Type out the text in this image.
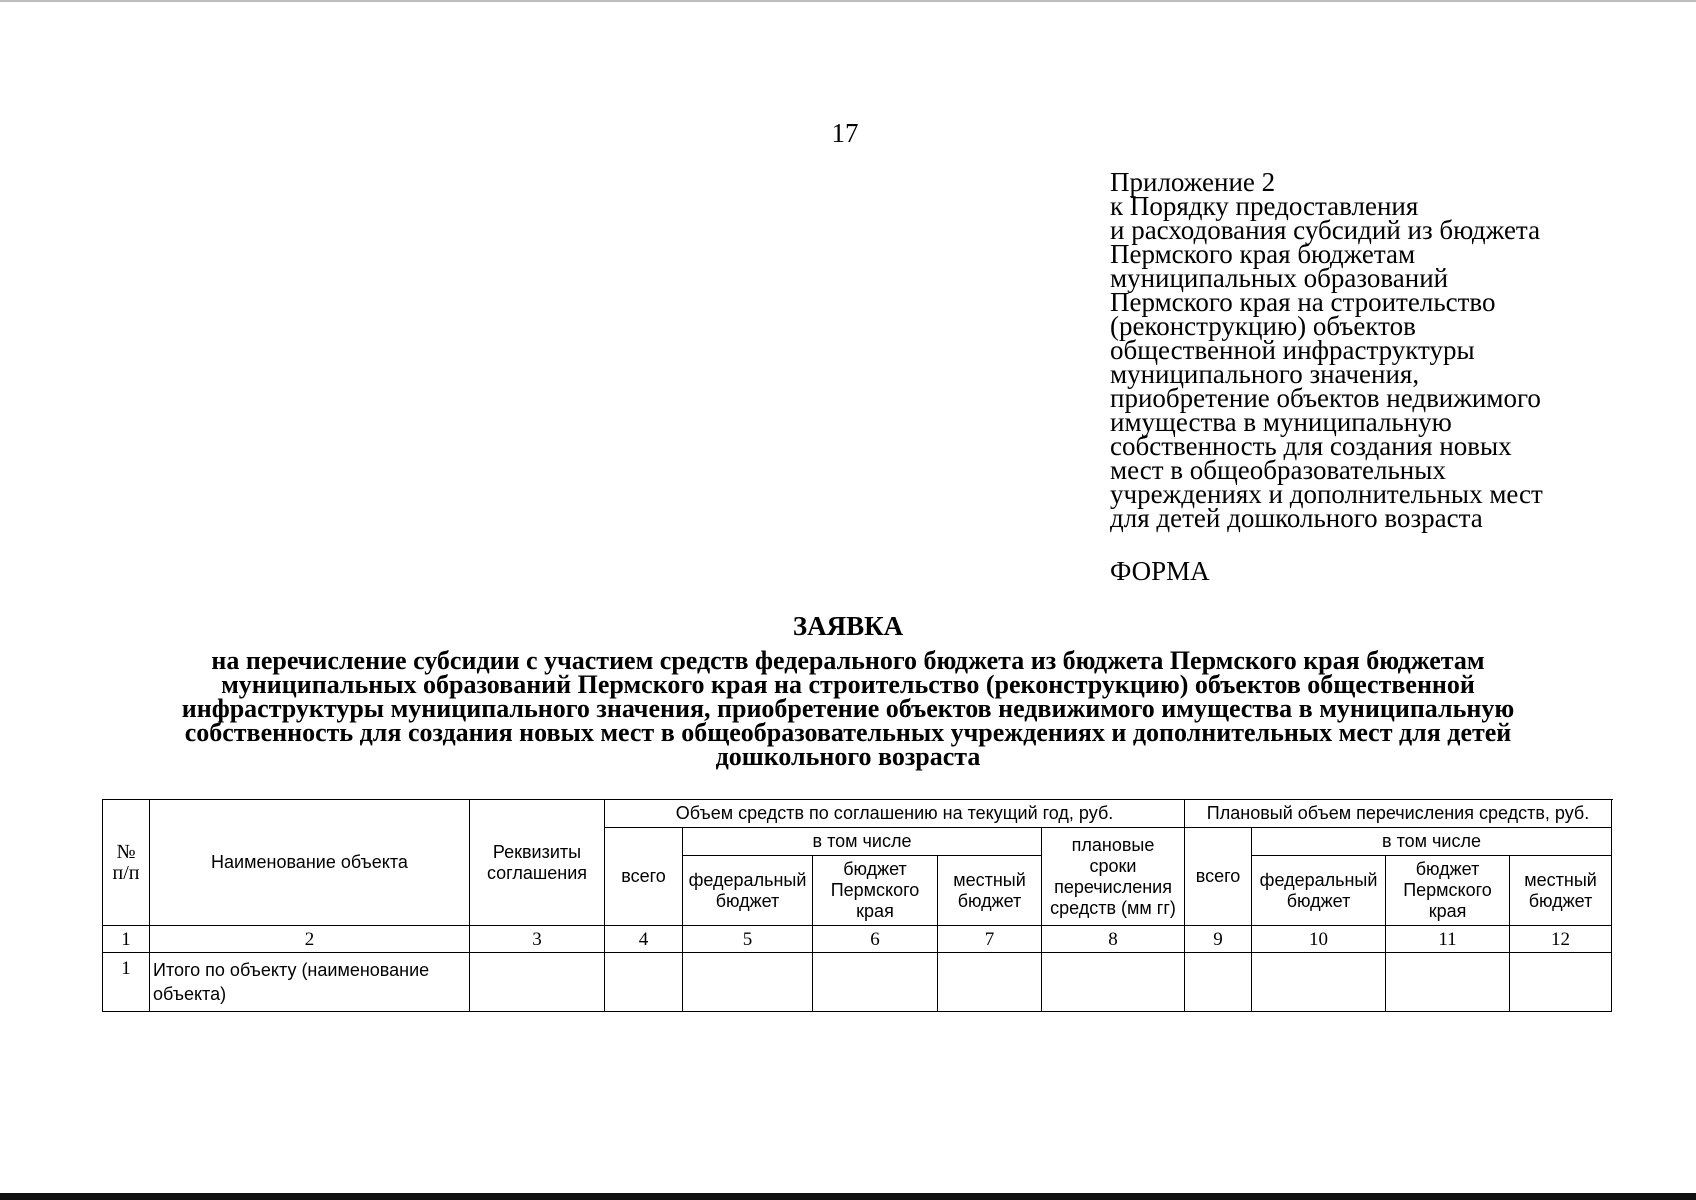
17
Приложение 2
к Порядку предоставления
и расходования субсидий из бюджета
Пермского края бюджетам
муниципальных образований
Пермского края на строительство
(реконструкцию) объектов
общественной инфраструктуры
муниципального значения,
приобретение объектов недвижимого
имущества в муниципальную
собственность для создания новых
мест в общеобразовательных
учреждениях и дополнительных мест
для детей дошкольного возраста
ФОРМА
ЗАЯВКА
на перечисление субсидии с участием средств федерального бюджета из бюджета Пермского края бюджетам
муниципальных образований Пермского края на строительство (реконструкцию) объектов общественной
инфраструктуры муниципального значения, приобретение объектов недвижимого имущества в муниципальную
собственность для создания новых мест в общеобразовательных учреждениях и дополнительных мест для детей
дошкольного возраста
№ п/п	Наименование объекта	Реквизиты соглашения	Объем средств по соглашению на текущий год, руб.					Плановый объем перечисления средств, руб.			
			всего	в том числе			плановые сроки перечисления средств (мм гг)	всего	в том числе		
				федеральный бюджет	бюджет Пермского края	местный бюджет			федеральный бюджет	бюджет Пермского края	местный бюджет
1	2	3	4	5	6	7	8	9	10	11	12
1	Итого по объекту (наименование объекта)										
